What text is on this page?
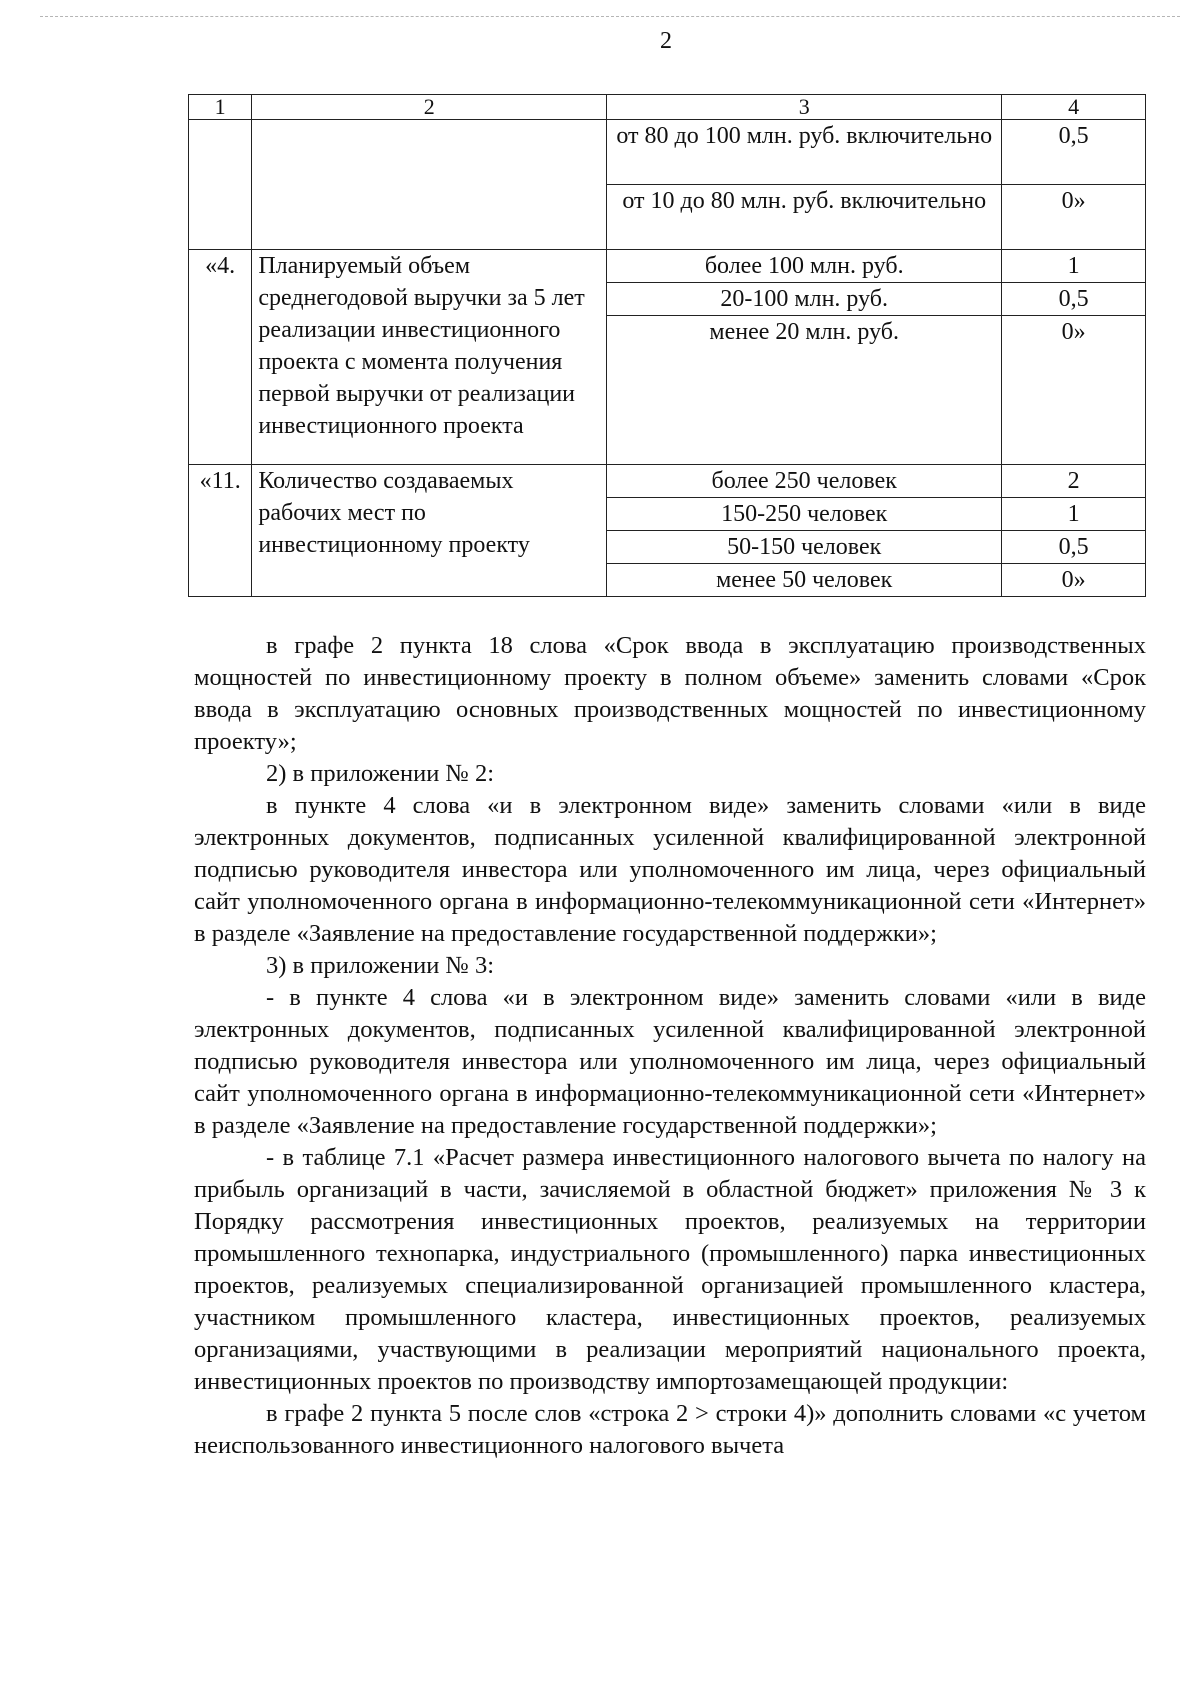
2
1	2	3	4
		от 80 до 100 млн. руб. включительно	0,5
		от 10 до 80 млн. руб. включительно	0»
«4.	Планируемый объем среднегодовой выручки за 5 лет реализации инвестиционного проекта с момента получения первой выручки от реализации инвестиционного проекта	более 100 млн. руб.	1
		20-100 млн. руб.	0,5
		менее 20 млн. руб.	0»
«11.	Количество создаваемых рабочих мест по инвестиционному проекту	более 250 человек	2
		150-250 человек	1
		50-150 человек	0,5
		менее 50 человек	0»

в графе 2 пункта 18 слова «Срок ввода в эксплуатацию производственных мощностей по инвестиционному проекту в полном объеме» заменить словами «Срок ввода в эксплуатацию основных производственных мощностей по инвестиционному проекту»;

2) в приложении № 2:

в пункте 4 слова «и в электронном виде» заменить словами «или в виде электронных документов, подписанных усиленной квалифицированной электронной подписью руководителя инвестора или уполномоченного им лица, через официальный сайт уполномоченного органа в информационно-телекоммуникационной сети «Интернет» в разделе «Заявление на предоставление государственной поддержки»;

3) в приложении № 3:

- в пункте 4 слова «и в электронном виде» заменить словами «или в виде электронных документов, подписанных усиленной квалифицированной электронной подписью руководителя инвестора или уполномоченного им лица, через официальный сайт уполномоченного органа в информационно-телекоммуникационной сети «Интернет» в разделе «Заявление на предоставление государственной поддержки»;

- в таблице 7.1 «Расчет размера инвестиционного налогового вычета по налогу на прибыль организаций в части, зачисляемой в областной бюджет» приложения № 3 к Порядку рассмотрения инвестиционных проектов, реализуемых на территории промышленного технопарка, индустриального (промышленного) парка инвестиционных проектов, реализуемых специализированной организацией промышленного кластера, участником промышленного кластера, инвестиционных проектов, реализуемых организациями, участвующими в реализации мероприятий национального проекта, инвестиционных проектов по производству импортозамещающей продукции:

в графе 2 пункта 5 после слов «строка 2 > строки 4)» дополнить словами «с учетом неиспользованного инвестиционного налогового вычета
